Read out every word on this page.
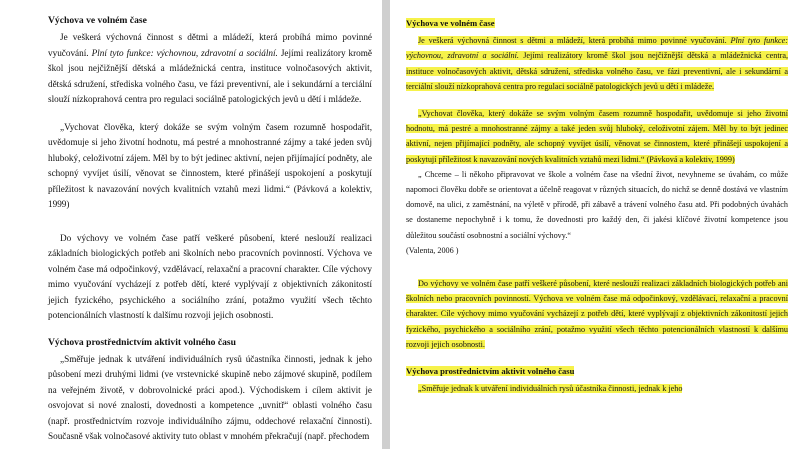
Výchova ve volném čase

Je veškerá výchovná činnost s dětmi a mládeží, která probíhá mimo povinné vyučování. Plní tyto funkce: výchovnou, zdravotní a sociální. Jejími realizátory kromě škol jsou nejčižnější dětská a mládežnická centra, instituce volnočasových aktivit, dětská sdružení, střediska volného času, ve fázi preventivní, ale i sekundární a terciální slouží nízkoprahová centra pro regulaci sociálně patologických jevů u dětí i mládeže.

„Vychovat člověka, který dokáže se svým volným časem rozumně hospodařit, uvědomuje si jeho životní hodnotu, má pestré a mnohostranné zájmy a také jeden svůj hluboký, celoživotní zájem. Měl by to být jedinec aktivní, nejen přijímající podněty, ale schopný vyvíjet úsilí, věnovat se činnostem, které přinášejí uspokojení a poskytují příležitost k navazování nových kvalitních vztahů mezi lidmi.“ (Pávková a kolektiv, 1999)

Do výchovy ve volném čase patří veškeré působení, které neslouží realizaci základních biologických potřeb ani školních nebo pracovních povinností. Výchova ve volném čase má odpočinkový, vzdělávací, relaxační a pracovní charakter. Cíle výchovy mimo vyučování vycházejí z potřeb dětí, které vyplývají z objektivních zákonitostí jejich fyzického, psychického a sociálního zrání, potažmo využití všech těchto potencionálních vlastností k dalšímu rozvoji jejich osobnosti.

Výchova prostřednictvím aktivit volného času

„Směřuje jednak k utváření individuálních rysů účastníka činnosti, jednak k jeho působení mezi druhými lidmi (ve vrstevnické skupině nebo zájmové skupině, podílem na veřejném životě, v dobrovolnické práci apod.). Východiskem i cílem aktivit je osvojovat si nové znalosti, dovednosti a kompetence „uvnitř“ oblasti volného času (např. prostřednictvím rozvoje individuálního zájmu, oddechové relaxační činnosti). Současně však volnočasové aktivity tuto oblast v mnohém překračují (např. přechodem

Výchova ve volném čase

Je veškerá výchovná činnost s dětmi a mládeží, která probíhá mimo povinné vyučování. Plní tyto funkce: výchovnou, zdravotní a sociální. Jejími realizátory kromě škol jsou nejčižnější dětská a mládežnická centra, instituce volnočasových aktivit, dětská sdružení, střediska volného času, ve fázi preventivní, ale i sekundární a terciální slouží nízkoprahová centra pro regulaci sociálně patologických jevů u dětí i mládeže.

„Vychovat člověka, který dokáže se svým volným časem rozumně hospodařit, uvědomuje si jeho životní hodnotu, má pestré a mnohostranné zájmy a také jeden svůj hluboký, celoživotní zájem. Měl by to být jedinec aktivní, nejen přijímající podněty, ale schopný vyvíjet úsilí, věnovat se činnostem, které přinášejí uspokojení a poskytují příležitost k navazování nových kvalitních vztahů mezi lidmi.“ (Pávková a kolektiv, 1999)

„ Chceme – li někoho připravovat ve škole a volném čase na všední život, nevyhneme se úvahám, co může napomoci člověku dobře se orientovat a účelně reagovat v různých situacích, do nichž se denně dostává ve vlastním domově, na ulici, z zaměstnání, na výletě v přírodě, při zábavě a trávení volného času atd. Při podobných úvahách se dostaneme nepochybně i k tomu, že dovednosti pro každý den, či jakési klíčové životní kompetence jsou důležitou součástí osobnostní a sociální výchovy.“

(Valenta, 2006 )

Do výchovy ve volném čase patří veškeré působení, které neslouží realizaci základních biologických potřeb ani školních nebo pracovních povinností. Výchova ve volném čase má odpočinkový, vzdělávací, relaxační a pracovní charakter. Cíle výchovy mimo vyučování vycházejí z potřeb dětí, které vyplývají z objektivních zákonitostí jejich fyzického, psychického a sociálního zrání, potažmo využití všech těchto potencionálních vlastností k dalšímu rozvoji jejich osobnosti.

Výchova prostřednictvím aktivit volného času

„Směřuje jednak k utváření individuálních rysů účastníka činnosti, jednak k jeho
